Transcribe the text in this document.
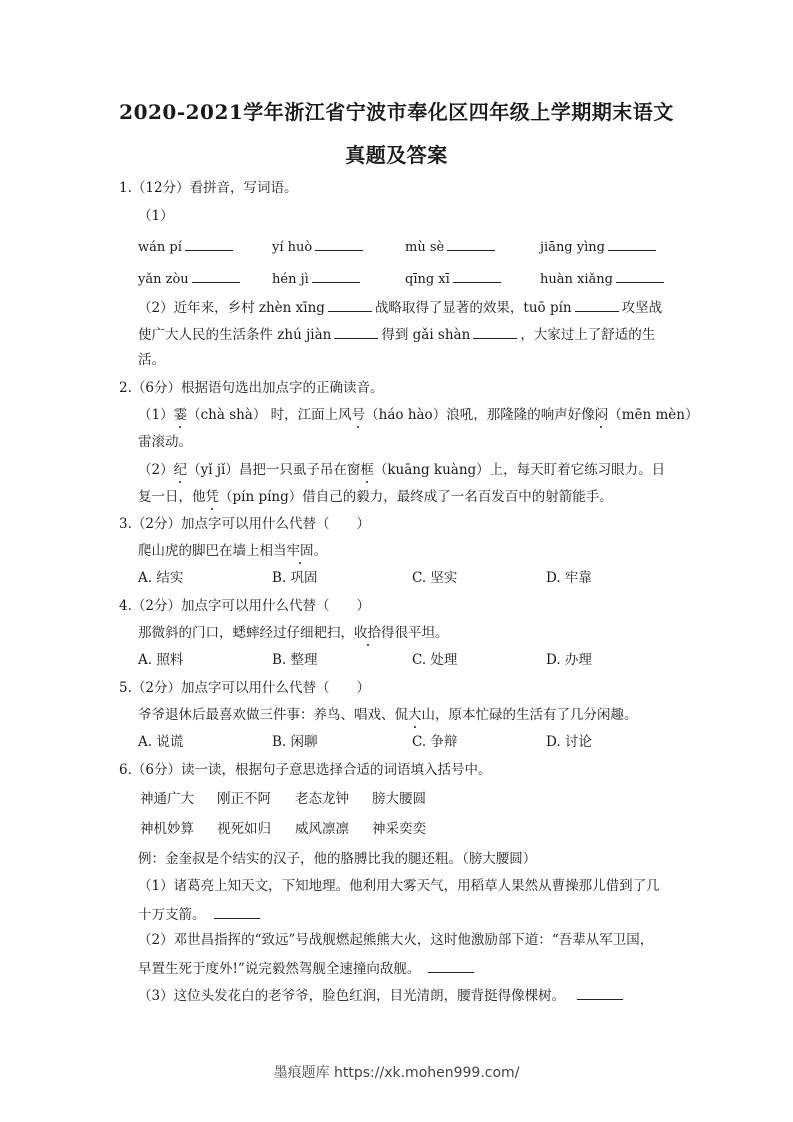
2020-2021学年浙江省宁波市奉化区四年级上学期期末语文
真题及答案
1.（12分）看拼音，写词语。
（1）
wán pí	yí huò	mù sè	jiāng yìng
yǎn zòu	hén jì	qīng xī	huàn xiǎng
（2）近年来，乡村 zhèn xīng	战略取得了显著的效果，tuō pín	攻坚战
使广大人民的生活条件 zhú jiàn	得到 gǎi shàn	，大家过上了舒适的生
活。
2.（6分）根据语句选出加点字的正确读音。
（1）霎（chà shà） 时，江面上风号（háo hào）浪吼，那隆隆的响声好像闷（mēn mèn）
雷滚动。
（2）纪（yǐ jǐ）昌把一只虱子吊在窗框（kuāng kuàng）上，每天盯着它练习眼力。日
复一日，他凭（pín píng）借自己的毅力，最终成了一名百发百中的射箭能手。
3.（2分）加点字可以用什么代替（　　）
爬山虎的脚巴在墙上相当牢固。
A. 结实	B. 巩固	C. 坚实	D. 牢靠
4.（2分）加点字可以用什么代替（　　）
那微斜的门口，蟋蟀经过仔细耙扫，收拾得很平坦。
A. 照料	B. 整理	C. 处理	D. 办理
5.（2分）加点字可以用什么代替（　　）
爷爷退休后最喜欢做三件事：养鸟、唱戏、侃大山，原本忙碌的生活有了几分闲趣。
A. 说谎	B. 闲聊	C. 争辩	D. 讨论
6.（6分）读一读，根据句子意思选择合适的词语填入括号中。
神通广大 刚正不阿 老态龙钟 膀大腰圆
神机妙算 视死如归 威风凛凛 神采奕奕
例：金奎叔是个结实的汉子，他的胳膊比我的腿还粗。（膀大腰圆）
（1）诸葛亮上知天文，下知地理。他利用大雾天气，用稻草人果然从曹操那儿借到了几
十万支箭。
（2）邓世昌指挥的“致远”号战舰燃起熊熊大火，这时他激励部下道：“吾辈从军卫国，
早置生死于度外!”说完毅然驾舰全速撞向敌舰。
（3）这位头发花白的老爷爷，脸色红润，目光清朗，腰背挺得像棵树。
墨痕题库 https://xk.mohen999.com/
